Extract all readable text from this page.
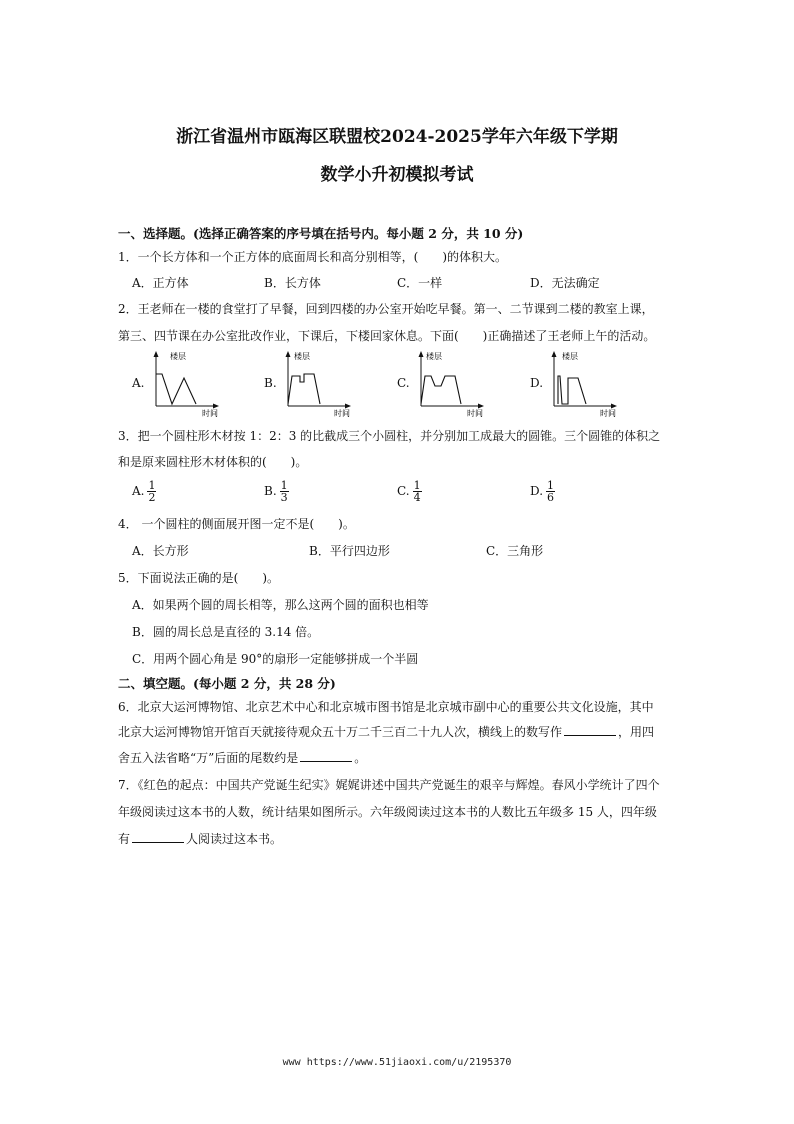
浙江省温州市瓯海区联盟校2024-2025学年六年级下学期
数学小升初模拟考试
一、选择题。(选择正确答案的序号填在括号内。每小题 2 分，共 10 分)
1．一个长方体和一个正方体的底面周长和高分别相等，(　　)的体积大。
A．正方体	B．长方体	C．一样	D．无法确定
2．王老师在一楼的食堂打了早餐，回到四楼的办公室开始吃早餐。第一、二节课到二楼的教室上课，
第三、四节课在办公室批改作业，下课后，下楼回家休息。下面(　　)正确描述了王老师上午的活动。
A.
楼层
时间
B.
楼层
时间
C.
楼层
时间
D.
楼层
时间
3．把一个圆柱形木材按 1：2：3 的比截成三个小圆柱，并分别加工成最大的圆锥。三个圆锥的体积之
和是原来圆柱形木材体积的(　　)。
A. $\frac{1}{2}$	B. $\frac{1}{3}$	C. $\frac{1}{4}$	D. $\frac{1}{6}$
4． 一个圆柱的侧面展开图一定不是(　　)。
A．长方形	B．平行四边形	C．三角形
5．下面说法正确的是(　　)。
A．如果两个圆的周长相等，那么这两个圆的面积也相等
B．圆的周长总是直径的 3.14 倍。
C．用两个圆心角是 90°的扇形一定能够拼成一个半圆
二、填空题。(每小题 2 分，共 28 分)
6．北京大运河博物馆、北京艺术中心和北京城市图书馆是北京城市副中心的重要公共文化设施，其中
北京大运河博物馆开馆百天就接待观众五十万二千三百二十九人次，横线上的数写作	，用四
舍五入法省略“万”后面的尾数约是	。
7．《红色的起点：中国共产党诞生纪实》娓娓讲述中国共产党诞生的艰辛与辉煌。春风小学统计了四个
年级阅读过这本书的人数，统计结果如图所示。六年级阅读过这本书的人数比五年级多 15 人，四年级
有	人阅读过这本书。
www https://www.51jiaoxi.com/u/2195370
